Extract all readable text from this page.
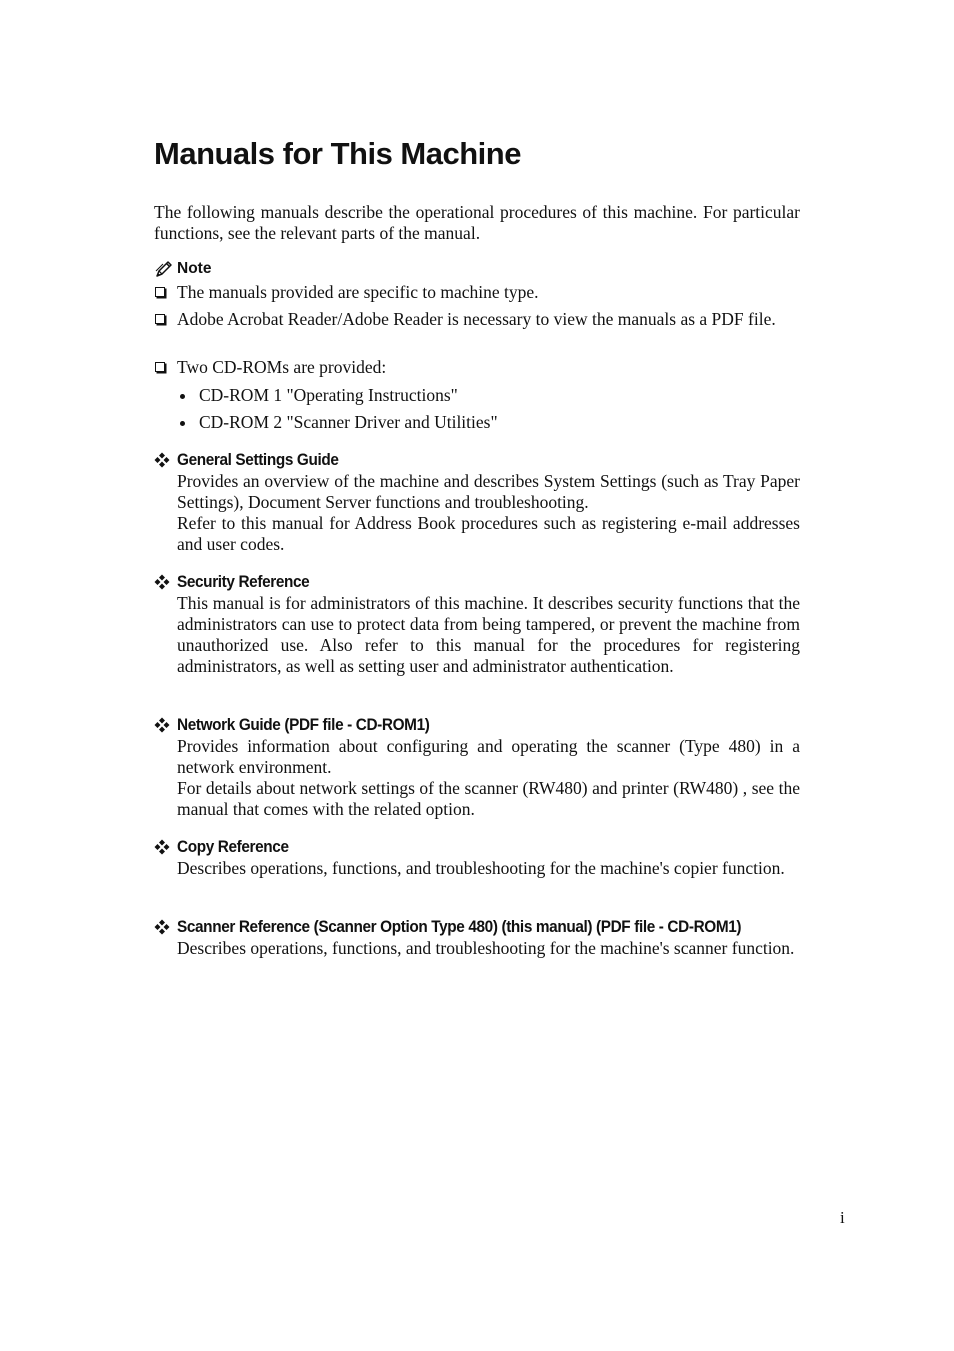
Manuals for This Machine

The following manuals describe the operational procedures of this machine. For particular functions, see the relevant parts of the manual.

Note
The manuals provided are specific to machine type.
Adobe Acrobat Reader/Adobe Reader is necessary to view the manuals as a PDF file.
Two CD-ROMs are provided:
CD-ROM 1 "Operating Instructions"
CD-ROM 2 "Scanner Driver and Utilities"
General Settings Guide
Provides an overview of the machine and describes System Settings (such as Tray Paper Settings), Document Server functions and troubleshooting.
Refer to this manual for Address Book procedures such as registering e-mail addresses and user codes.
Security Reference
This manual is for administrators of this machine. It describes security functions that the administrators can use to protect data from being tampered, or prevent the machine from unauthorized use. Also refer to this manual for the procedures for registering administrators, as well as setting user and administrator authentication.
Network Guide (PDF file - CD-ROM1)
Provides information about configuring and operating the scanner (Type 480) in a network environment.
For details about network settings of the scanner (RW480) and printer (RW480) , see the manual that comes with the related option.
Copy Reference
Describes operations, functions, and troubleshooting for the machine's copier function.
Scanner Reference (Scanner Option Type 480) (this manual) (PDF file - CD-ROM1)
Describes operations, functions, and troubleshooting for the machine's scanner function.
i
